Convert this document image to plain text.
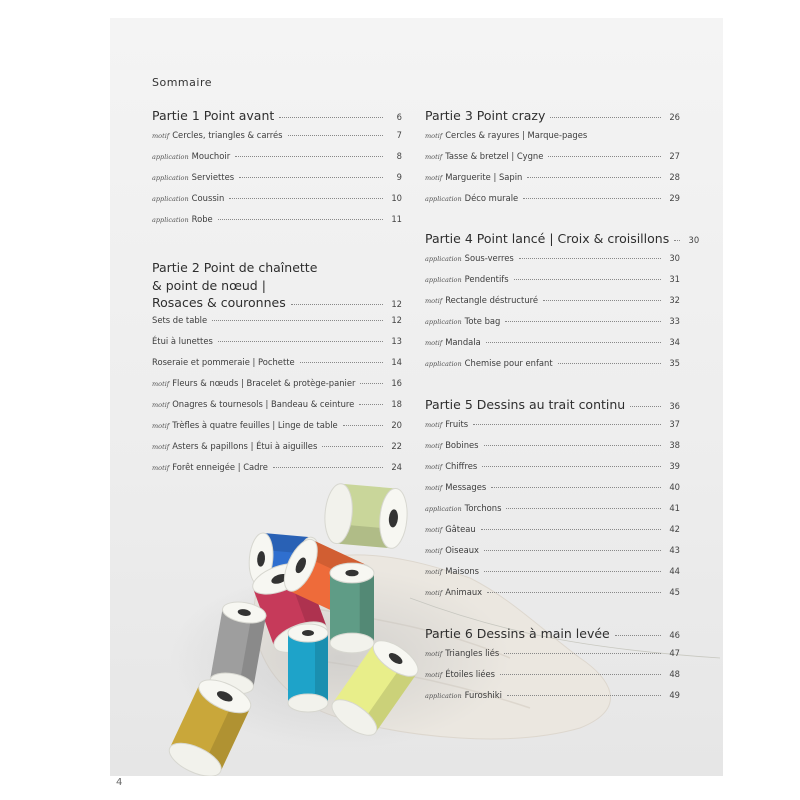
Sommaire
Partie 1 Point avant	6
motif Cercles, triangles & carrés	7
application Mouchoir	8
application Serviettes	9
application Coussin	10
application Robe	11
Partie 2 Point de chaînette
& point de nœud |
Rosaces & couronnes	12
Sets de table	12
Étui à lunettes	13
Roseraie et pommeraie | Pochette	14
motif Fleurs & nœuds | Bracelet & protège-panier	16
motif Onagres & tournesols | Bandeau & ceinture	18
motif Trèfles à quatre feuilles | Linge de table	20
motif Asters & papillons | Étui à aiguilles	22
motif Forêt enneigée | Cadre	24
Partie 3 Point crazy	26
motif Cercles & rayures | Marque-pages
motif Tasse & bretzel | Cygne	27
motif Marguerite | Sapin	28
application Déco murale	29
Partie 4 Point lancé | Croix & croisillons	30
application Sous-verres	30
application Pendentifs	31
motif Rectangle déstructuré	32
application Tote bag	33
motif Mandala	34
application Chemise pour enfant	35
Partie 5 Dessins au trait continu	36
motif Fruits	37
motif Bobines	38
motif Chiffres	39
motif Messages	40
application Torchons	41
motif Gâteau	42
motif Oiseaux	43
motif Maisons	44
motif Animaux	45
Partie 6 Dessins à main levée	46
motif Triangles liés	47
motif Étoiles liées	48
application Furoshiki	49
4
